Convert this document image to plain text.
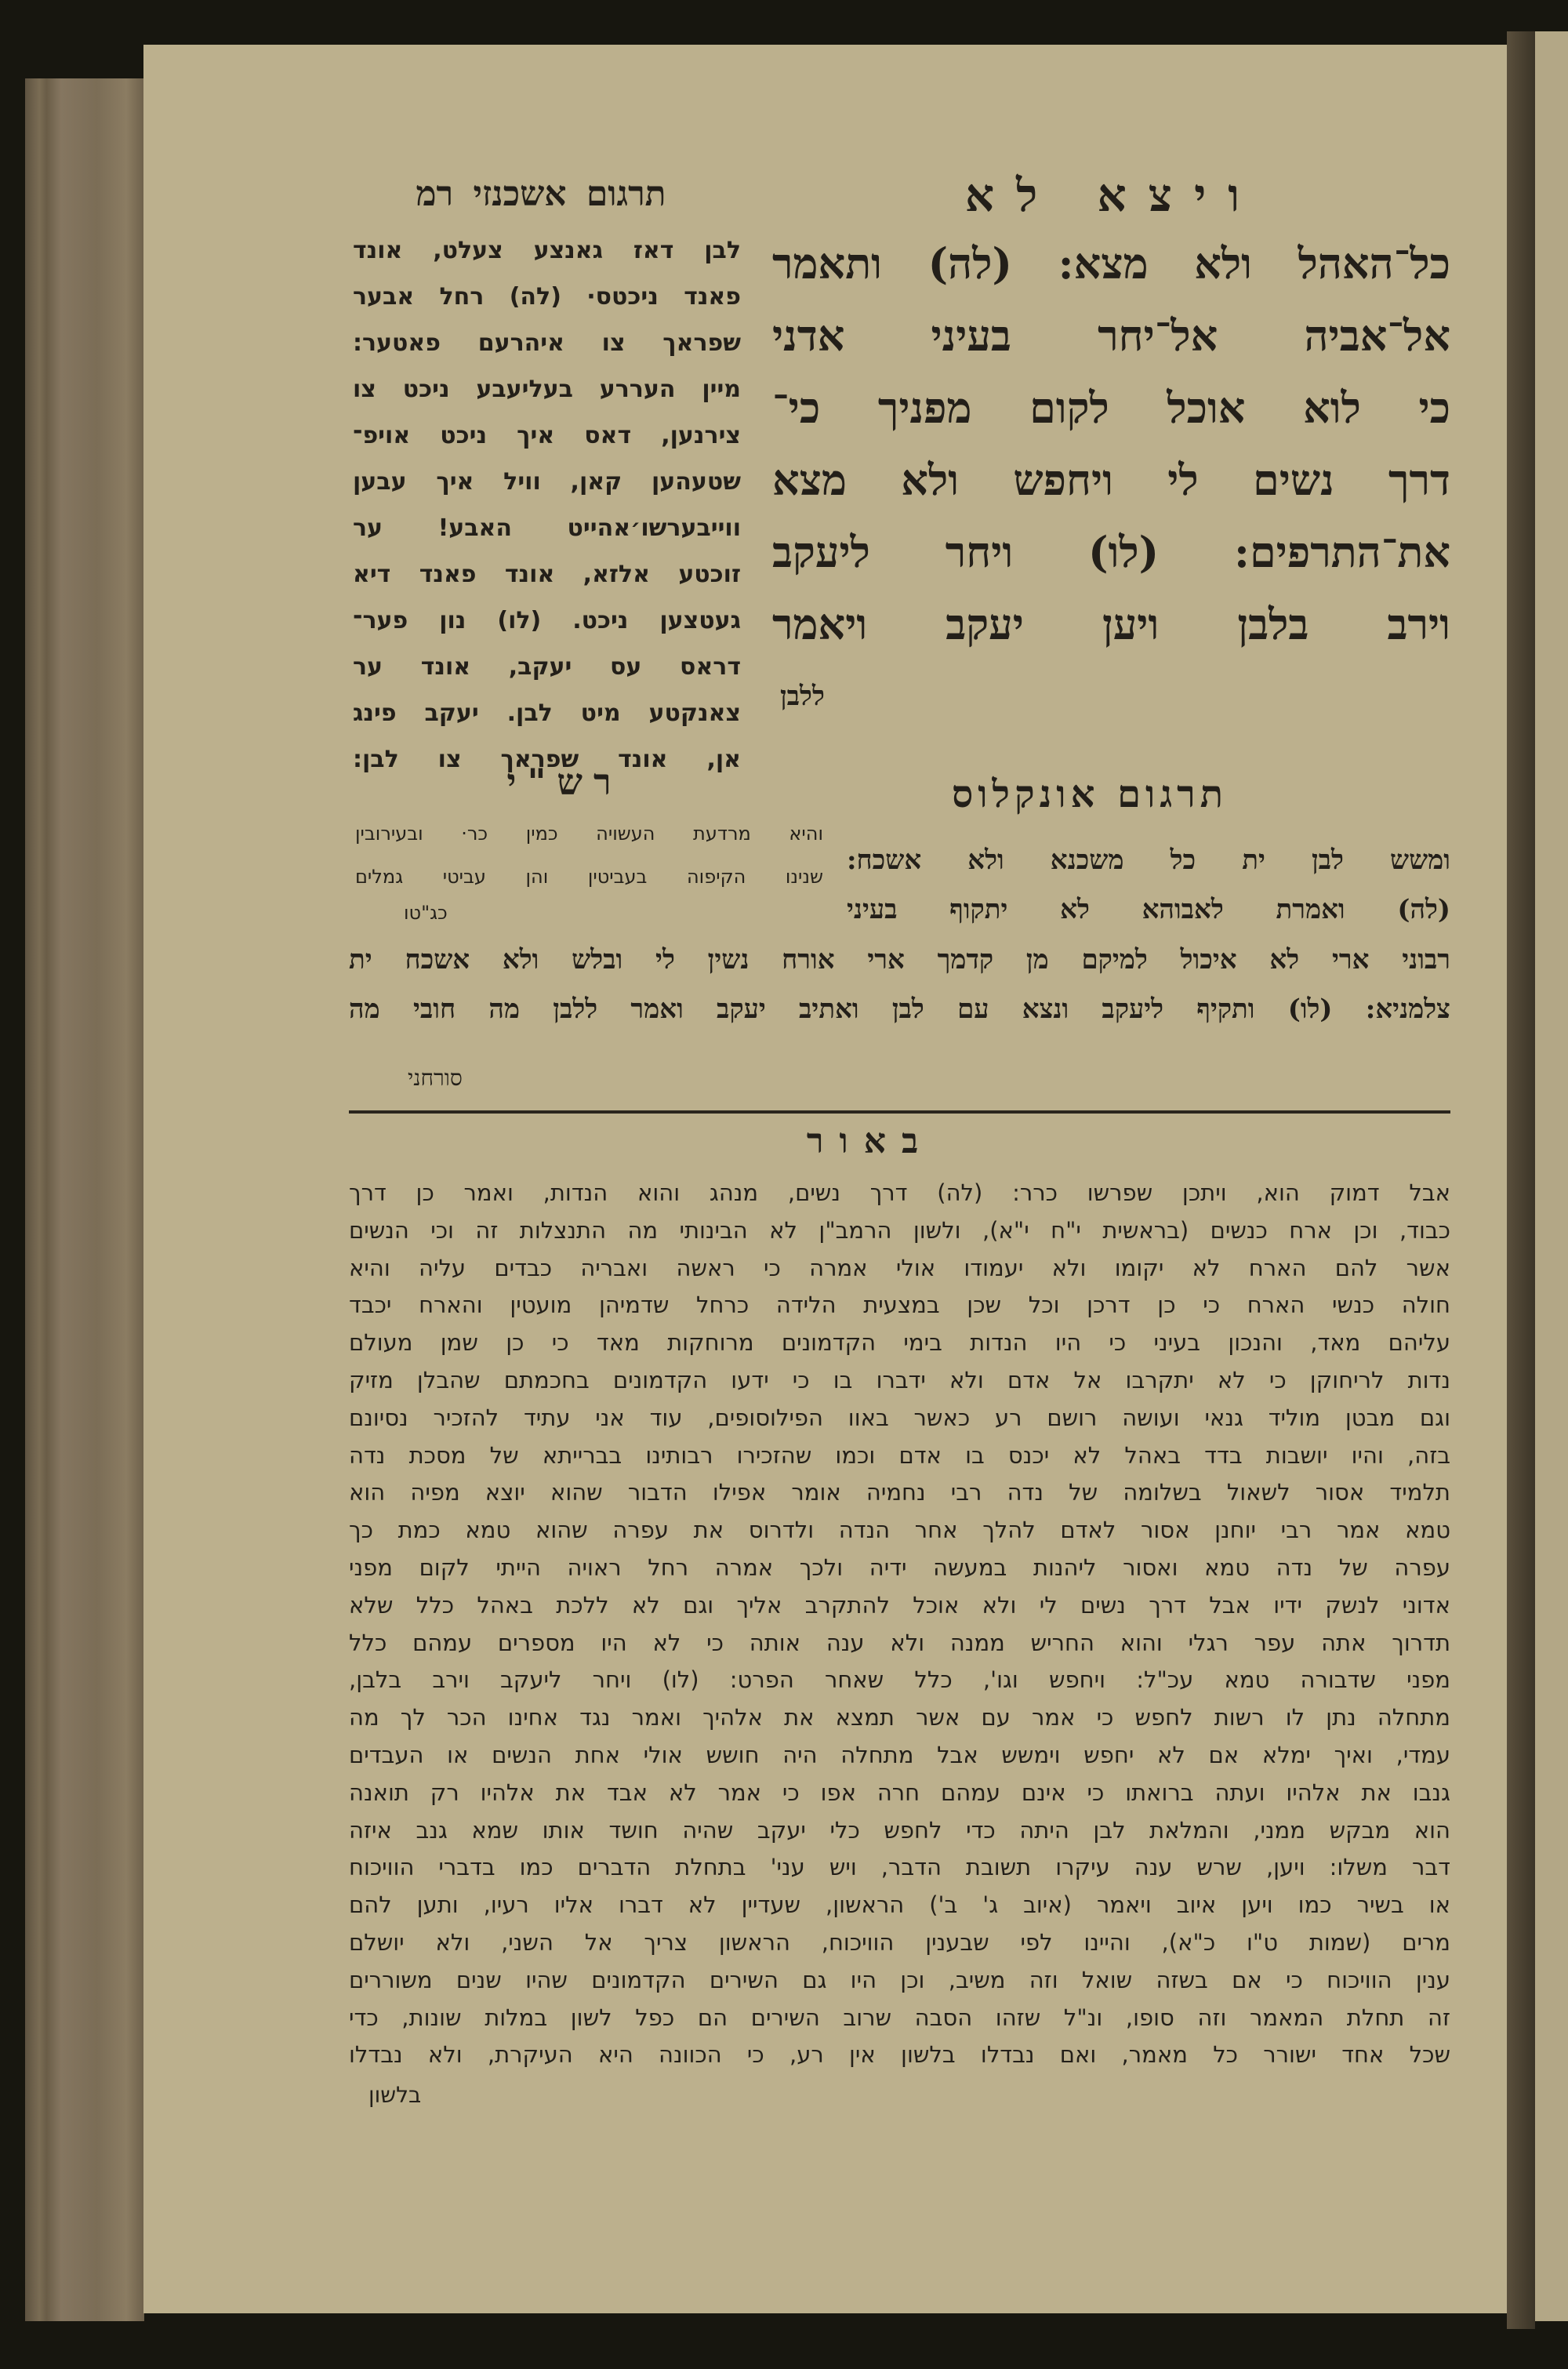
ויצא לא
תרגום אשכנזי רמ
כל־האהל ולא מצא: (לה) ותאמר
אל־אביה אל־יחר בעיני אדני
כי לוא אוכל לקום מפניך כי־
דרך נשים לי ויחפש ולא מצא
את־התרפים: (לו) ויחר ליעקב
וירב בלבן ויען יעקב ויאמר
ללבן
לבן דאז גאנצע צעלט, אונד
פאנד ניכטס· (לה) רחל אבער
שפראך צו איהרעם פאטער:
מיין העררע בעליעבע ניכט צו
צירנען, דאס איך ניכט אויפ־
שטעהען קאן, וויל איך עבען
ווייבערשו׳אהייט האבע! ער
זוכטע אלזא, אונד פאנד דיא
געטצען ניכט. (לו) נון פער־
דראס עס יעקב, אונד ער
צאנקטע מיט לבן. יעקב פינג
אן, אונד שפראך צו לבן:
תרגום אונקלוס
רש"י
ומשש לבן ית כל משכנא ולא אשכח:
(לה) ואמרת לאבוהא לא יתקוף בעיני
רבוני ארי לא איכול למיקם מן קדמך ארי אורח נשין לי ובלש ולא אשכח ית
צלמניא: (לו) ותקיף ליעקב ונצא עם לבן ואתיב יעקב ואמר ללבן מה חובי מה
סורחני
והיא מרדעת העשויה כמין כר· ובעירובין
שנינו הקיפוה בעביטין והן עביטי גמלים
כג"טו
באור
אבל דמוק הוא, ויתכן שפרשו כרר: (לה) דרך נשים, מנהג והוא הנדות, ואמר כן דרך
כבוד, וכן ארח כנשים (בראשית י"ח י"א), ולשון הרמב"ן לא הבינותי מה התנצלות זה וכי הנשים
אשר להם הארח לא יקומו ולא יעמודו אולי אמרה כי ראשה ואבריה כבדים עליה והיא
חולה כנשי הארח כי כן דרכן וכל שכן במצעית הלידה כרחל שדמיהן מועטין והארח יכבד
עליהם מאד, והנכון בעיני כי היו הנדות בימי הקדמונים מרוחקות מאד כי כן שמן מעולם
נדות לריחוקן כי לא יתקרבו אל אדם ולא ידברו בו כי ידעו הקדמונים בחכמתם שהבלן מזיק
וגם מבטן מוליד גנאי ועושה רושם רע כאשר באוו הפילוסופים, עוד אני עתיד להזכיר נסיונם
בזה, והיו יושבות בדד באהל לא יכנס בו אדם וכמו שהזכירו רבותינו בברייתא של מסכת נדה
תלמיד אסור לשאול בשלומה של נדה רבי נחמיה אומר אפילו הדבור שהוא יוצא מפיה הוא
טמא אמר רבי יוחנן אסור לאדם להלך אחר הנדה ולדרוס את עפרה שהוא טמא כמת כך
עפרה של נדה טמא ואסור ליהנות במעשה ידיה ולכך אמרה רחל ראויה הייתי לקום מפני
אדוני לנשק ידיו אבל דרך נשים לי ולא אוכל להתקרב אליך וגם לא ללכת באהל כלל שלא
תדרוך אתה עפר רגלי והוא החריש ממנה ולא ענה אותה כי לא היו מספרים עמהם כלל
מפני שדבורה טמא עכ"ל: ויחפש וגו', כלל שאחר הפרט: (לו) ויחר ליעקב וירב בלבן,
מתחלה נתן לו רשות לחפש כי אמר עם אשר תמצא את אלהיך ואמר נגד אחינו הכר לך מה
עמדי, ואיך ימלא אם לא יחפש וימשש אבל מתחלה היה חושש אולי אחת הנשים או העבדים
גנבו את אלהיו ועתה ברואתו כי אינם עמהם חרה אפו כי אמר לא אבד את אלהיו רק תואנה
הוא מבקש ממני, והמלאת לבן היתה כדי לחפש כלי יעקב שהיה חושד אותו שמא גנב איזה
דבר משלו: ויען, שרש ענה עיקרו תשובת הדבר, ויש עני' בתחלת הדברים כמו בדברי הוויכוח
או בשיר כמו ויען איוב ויאמר (איוב ג' ב') הראשון, שעדיין לא דברו אליו רעיו, ותען להם
מרים (שמות ט"ו כ"א), והיינו לפי שבענין הוויכוח, הראשון צריך אל השני, ולא יושלם
ענין הוויכוח כי אם בשזה שואל וזה משיב, וכן היו גם השירים הקדמונים שהיו שנים משוררים
זה תחלת המאמר וזה סופו, ונ"ל שזהו הסבה שרוב השירים הם כפל לשון במלות שונות, כדי
שכל אחד ישורר כל מאמר, ואם נבדלו בלשון אין רע, כי הכוונה היא העיקרת, ולא נבדלו
בלשון
